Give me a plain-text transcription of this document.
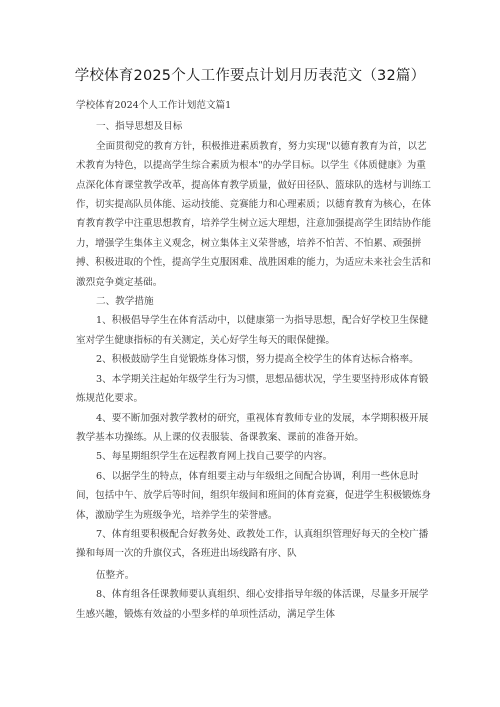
学校体育2025个人工作要点计划月历表范文（32篇）

学校体育2024个人工作计划范文篇1

一、指导思想及目标

全面贯彻党的教育方针，积极推进素质教育，努力实现"以德育教育为首，以艺术教育为特色，以提高学生综合素质为根本"的办学目标。以学生《体质健康》为重点深化体育课堂教学改革，提高体育教学质量，做好田径队、篮球队的选材与训练工作，切实提高队员体能、运动技能、竞赛能力和心理素质；以德育教育为核心，在体育教育教学中注重思想教育，培养学生树立远大理想，注意加强提高学生团结协作能力，增强学生集体主义观念，树立集体主义荣誉感，培养不怕苦、不怕累、顽强拼搏、积极进取的个性，提高学生克服困难、战胜困难的能力，为适应未来社会生活和激烈竞争奠定基础。

二、教学措施

1、积极倡导学生在体育活动中，以健康第一为指导思想，配合好学校卫生保健室对学生健康指标的有关测定，关心好学生每天的眼保健操。

2、积极鼓励学生自觉锻炼身体习惯，努力提高全校学生的体育达标合格率。

3、本学期关注起始年级学生行为习惯，思想品德状况，学生要坚持形成体育锻炼规范化要求。

4、要不断加强对教学教材的研究，重视体育教师专业的发展，本学期积极开展教学基本功操练。从上课的仪表服装、备课教案、课前的准备开始。

5、每星期组织学生在远程教育网上找自己要学的内容。

6、以据学生的特点，体育组要主动与年级组之间配合协调，利用一些休息时间，包括中午、放学后等时间，组织年级间和班间的体育竞赛，促进学生积极锻炼身体，激励学生为班级争光，培养学生的荣誉感。

7、体育组要积极配合好教务处、政教处工作，认真组织管理好每天的全校广播操和每周一次的升旗仪式，各班进出场线路有序、队

伍整齐。

8、体育组各任课教师要认真组织、细心安排指导年级的体活课，尽量多开展学生感兴趣，锻炼有效益的小型多样的单项性活动，满足学生体
